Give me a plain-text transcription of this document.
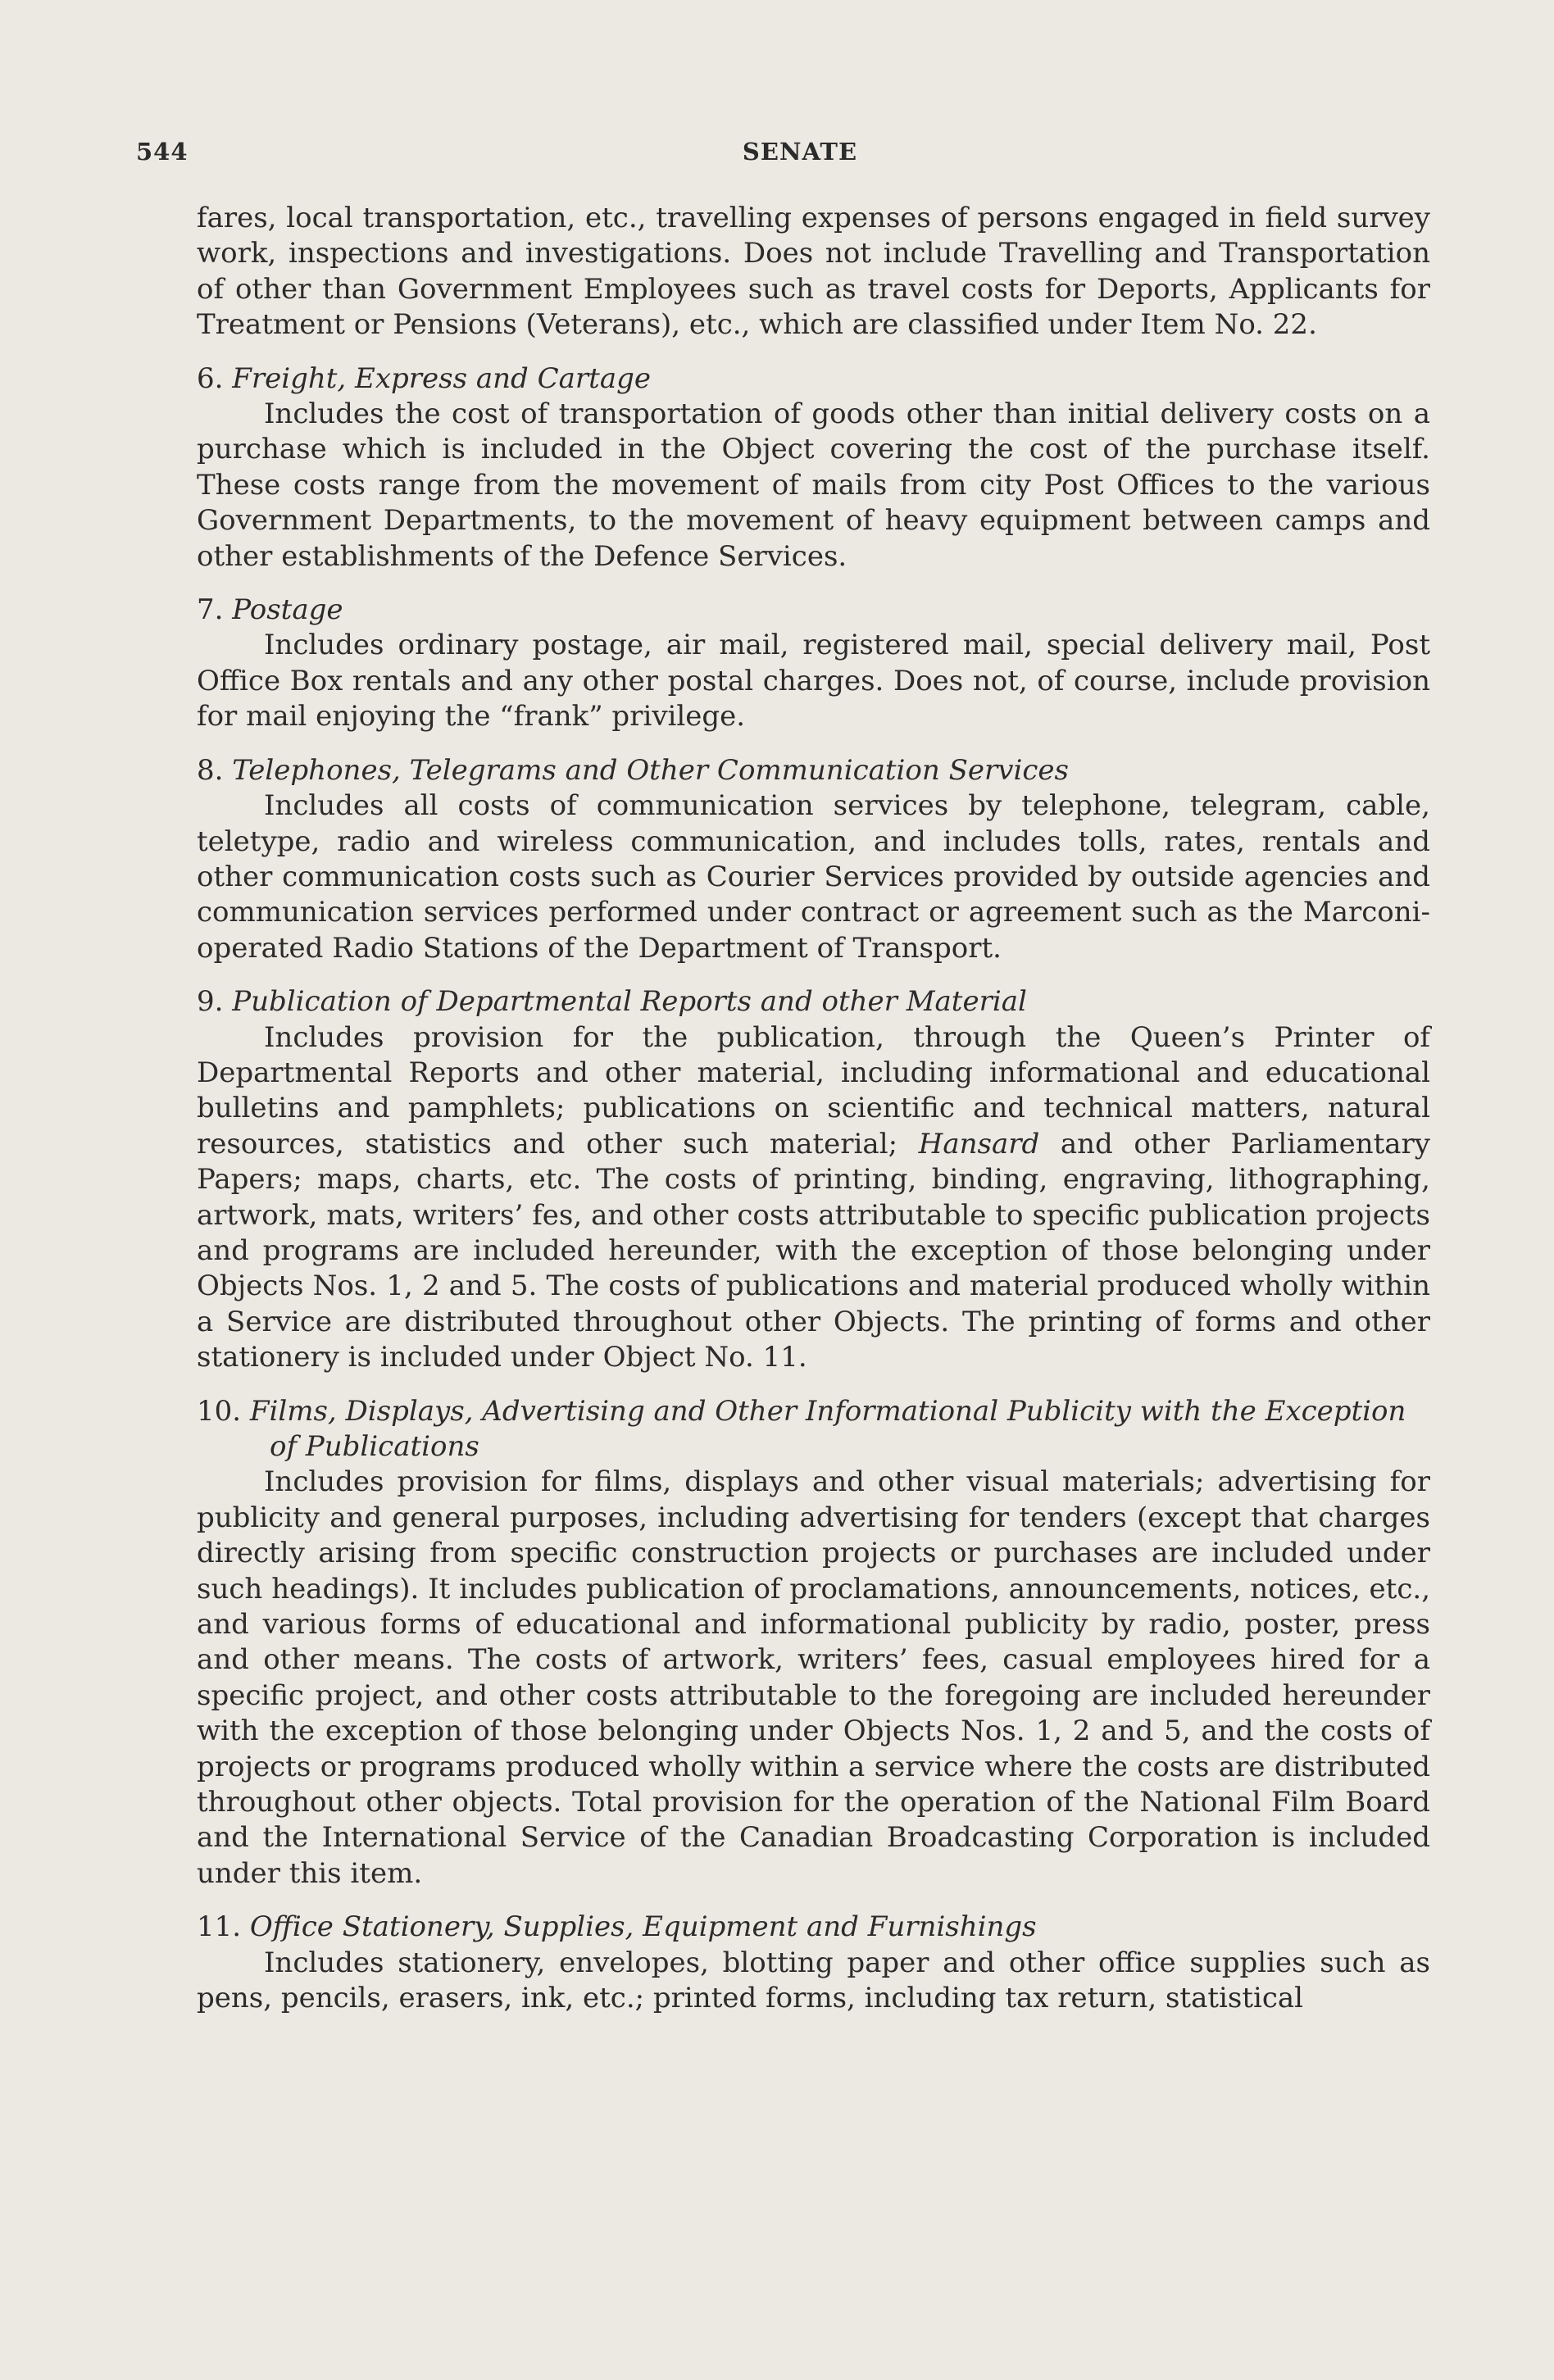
544	SENATE

fares, local transportation, etc., travelling expenses of persons engaged in field survey work, inspections and investigations. Does not include Travelling and Transportation of other than Government Employees such as travel costs for Deports, Applicants for Treatment or Pensions (Veterans), etc., which are classified under Item No. 22.

6. Freight, Express and Cartage

Includes the cost of transportation of goods other than initial delivery costs on a purchase which is included in the Object covering the cost of the purchase itself. These costs range from the movement of mails from city Post Offices to the various Government Departments, to the movement of heavy equipment between camps and other establishments of the Defence Services.

7. Postage

Includes ordinary postage, air mail, registered mail, special delivery mail, Post Office Box rentals and any other postal charges. Does not, of course, include provision for mail enjoying the “frank” privilege.

8. Telephones, Telegrams and Other Communication Services

Includes all costs of communication services by telephone, telegram, cable, teletype, radio and wireless communication, and includes tolls, rates, rentals and other communication costs such as Courier Services provided by outside agencies and communication services performed under contract or agreement such as the Marconi-operated Radio Stations of the Department of Transport.

9. Publication of Departmental Reports and other Material

Includes provision for the publication, through the Queen’s Printer of Departmental Reports and other material, including informational and educational bulletins and pamphlets; publications on scientific and technical matters, natural resources, statistics and other such material; Hansard and other Parliamentary Papers; maps, charts, etc. The costs of printing, binding, engraving, lithographing, artwork, mats, writers’ fes, and other costs attributable to specific publication projects and programs are included hereunder, with the exception of those belonging under Objects Nos. 1, 2 and 5. The costs of publications and material produced wholly within a Service are distributed throughout other Objects. The printing of forms and other stationery is included under Object No. 11.

10. Films, Displays, Advertising and Other Informational Publicity with the Exception of Publications

Includes provision for films, displays and other visual materials; advertising for publicity and general purposes, including advertising for tenders (except that charges directly arising from specific construction projects or purchases are included under such headings). It includes publication of proclamations, announcements, notices, etc., and various forms of educational and informational publicity by radio, poster, press and other means. The costs of artwork, writers’ fees, casual employees hired for a specific project, and other costs attributable to the foregoing are included hereunder with the exception of those belonging under Objects Nos. 1, 2 and 5, and the costs of projects or programs produced wholly within a service where the costs are distributed throughout other objects. Total provision for the operation of the National Film Board and the International Service of the Canadian Broadcasting Corporation is included under this item.

11. Office Stationery, Supplies, Equipment and Furnishings

Includes stationery, envelopes, blotting paper and other office supplies such as pens, pencils, erasers, ink, etc.; printed forms, including tax return, statistical
